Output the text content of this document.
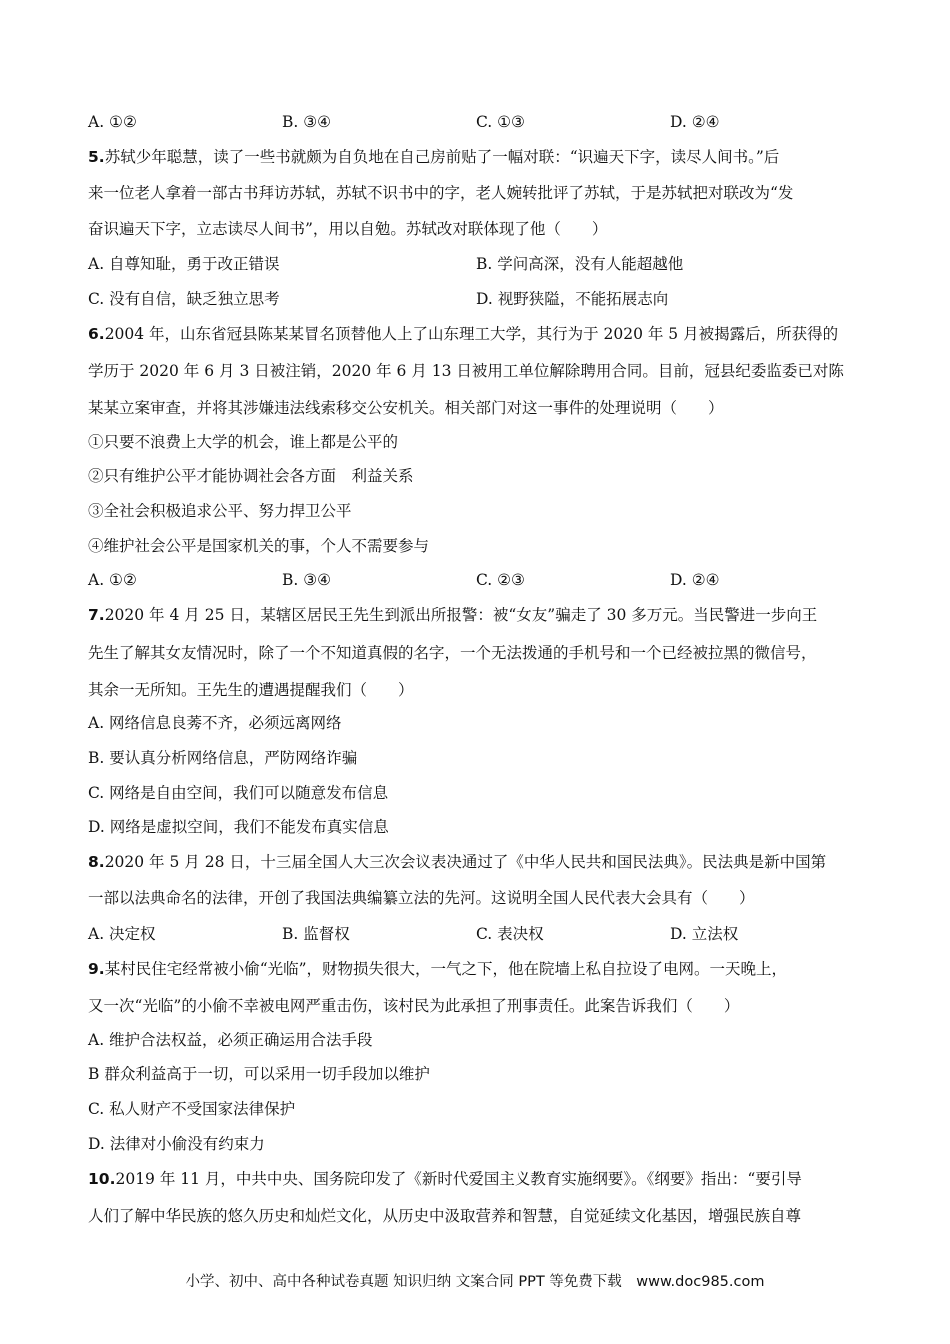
A. ①②	B. ③④	C. ①③	D. ②④
5.苏轼少年聪慧，读了一些书就颇为自负地在自己房前贴了一幅对联：“识遍天下字，读尽人间书。”后
来一位老人拿着一部古书拜访苏轼，苏轼不识书中的字，老人婉转批评了苏轼，于是苏轼把对联改为“发
奋识遍天下字，立志读尽人间书”，用以自勉。苏轼改对联体现了他（　　）
A. 自尊知耻，勇于改正错误	B. 学问高深，没有人能超越他
C. 没有自信，缺乏独立思考	D. 视野狭隘，不能拓展志向
6.2004 年，山东省冠县陈某某冒名顶替他人上了山东理工大学，其行为于 2020 年 5 月被揭露后，所获得的
学历于 2020 年 6 月 3 日被注销，2020 年 6 月 13 日被用工单位解除聘用合同。目前，冠县纪委监委已对陈
某某立案审查，并将其涉嫌违法线索移交公安机关。相关部门对这一事件的处理说明（　　）
①只要不浪费上大学的机会，谁上都是公平的
②只有维护公平才能协调社会各方面　利益关系
③全社会积极追求公平、努力捍卫公平
④维护社会公平是国家机关的事，个人不需要参与
A. ①②	B. ③④	C. ②③	D. ②④
7.2020 年 4 月 25 日，某辖区居民王先生到派出所报警：被“女友”骗走了 30 多万元。当民警进一步向王
先生了解其女友情况时，除了一个不知道真假的名字，一个无法拨通的手机号和一个已经被拉黑的微信号，
其余一无所知。王先生的遭遇提醒我们（　　）
A. 网络信息良莠不齐，必须远离网络
B. 要认真分析网络信息，严防网络诈骗
C. 网络是自由空间，我们可以随意发布信息
D. 网络是虚拟空间，我们不能发布真实信息
8.2020 年 5 月 28 日，十三届全国人大三次会议表决通过了《中华人民共和国民法典》。民法典是新中国第
一部以法典命名的法律，开创了我国法典编纂立法的先河。这说明全国人民代表大会具有（　　）
A. 决定权	B. 监督权	C. 表决权	D. 立法权
9.某村民住宅经常被小偷“光临”，财物损失很大，一气之下，他在院墙上私自拉设了电网。一天晚上，
又一次“光临”的小偷不幸被电网严重击伤，该村民为此承担了刑事责任。此案告诉我们（　　）
A. 维护合法权益，必须正确运用合法手段
B 群众利益高于一切，可以采用一切手段加以维护
C. 私人财产不受国家法律保护
D. 法律对小偷没有约束力
10.2019 年 11 月，中共中央、国务院印发了《新时代爱国主义教育实施纲要》。《纲要》指出：“要引导
人们了解中华民族的悠久历史和灿烂文化，从历史中汲取营养和智慧，自觉延续文化基因，增强民族自尊
小学、初中、高中各种试卷真题 知识归纳 文案合同 PPT 等免费下载　www.doc985.com
